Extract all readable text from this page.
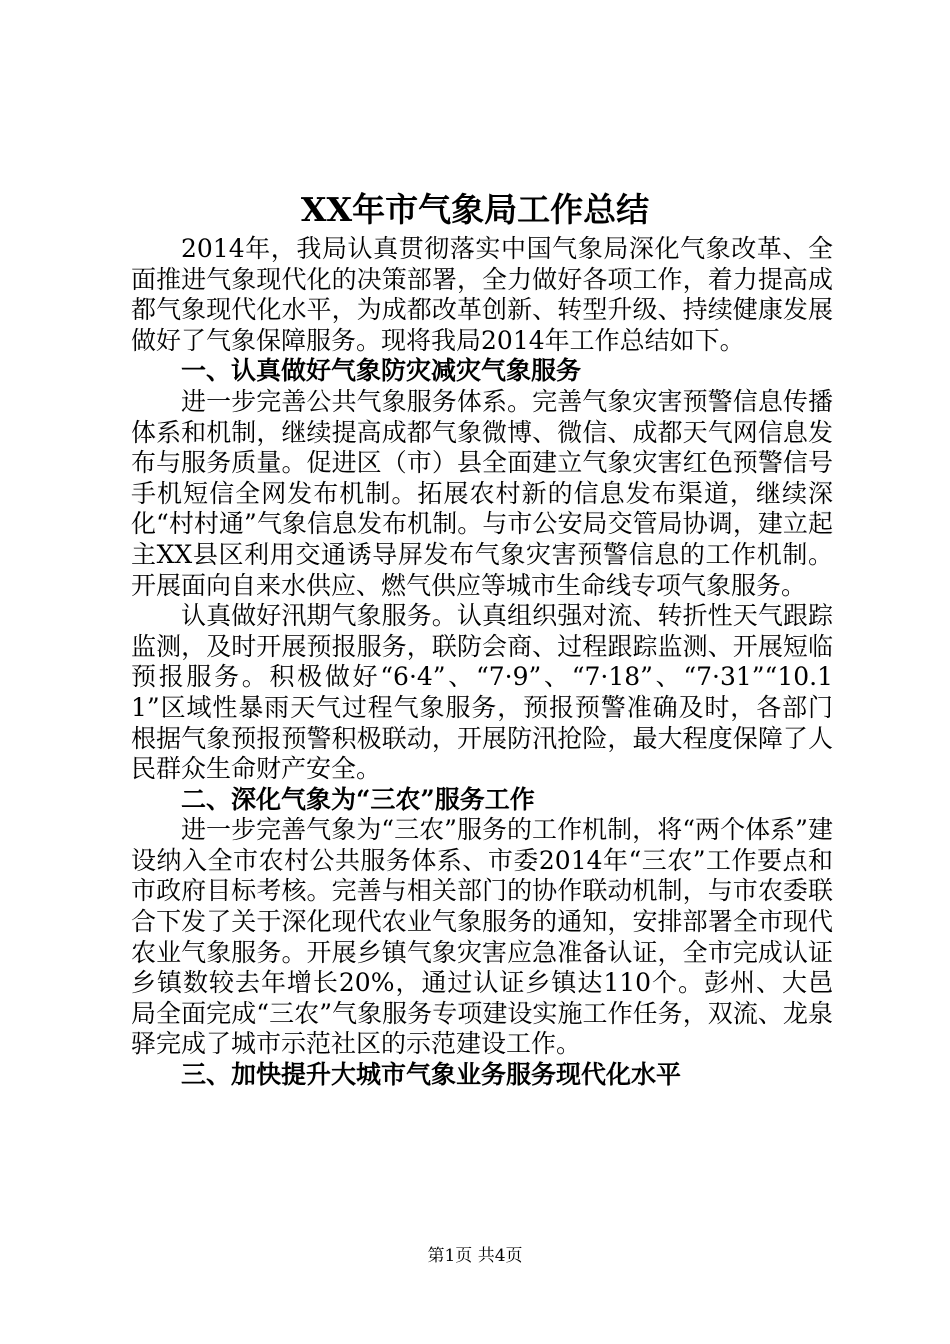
XX年市气象局工作总结

2014年，我局认真贯彻落实中国气象局深化气象改革、全面推进气象现代化的决策部署，全力做好各项工作，着力提高成都气象现代化水平，为成都改革创新、转型升级、持续健康发展做好了气象保障服务。现将我局2014年工作总结如下。

一、认真做好气象防灾减灾气象服务

进一步完善公共气象服务体系。完善气象灾害预警信息传播体系和机制，继续提高成都气象微博、微信、成都天气网信息发布与服务质量。促进区（市）县全面建立气象灾害红色预警信号手机短信全网发布机制。拓展农村新的信息发布渠道，继续深化“村村通”气象信息发布机制。与市公安局交管局协调，建立起主XX县区利用交通诱导屏发布气象灾害预警信息的工作机制。开展面向自来水供应、燃气供应等城市生命线专项气象服务。

认真做好汛期气象服务。认真组织强对流、转折性天气跟踪监测，及时开展预报服务，联防会商、过程跟踪监测、开展短临预报服务。积极做好“6·4”、“7·9”、“7·18”、“7·31”“10.11”区域性暴雨天气过程气象服务，预报预警准确及时，各部门根据气象预报预警积极联动，开展防汛抢险，最大程度保障了人民群众生命财产安全。

二、深化气象为“三农”服务工作

进一步完善气象为“三农”服务的工作机制，将“两个体系”建设纳入全市农村公共服务体系、市委2014年“三农”工作要点和市政府目标考核。完善与相关部门的协作联动机制，与市农委联合下发了关于深化现代农业气象服务的通知，安排部署全市现代农业气象服务。开展乡镇气象灾害应急准备认证，全市完成认证乡镇数较去年增长20%，通过认证乡镇达110个。彭州、大邑局全面完成“三农”气象服务专项建设实施工作任务，双流、龙泉驿完成了城市示范社区的示范建设工作。

三、加快提升大城市气象业务服务现代化水平

第1页 共4页
